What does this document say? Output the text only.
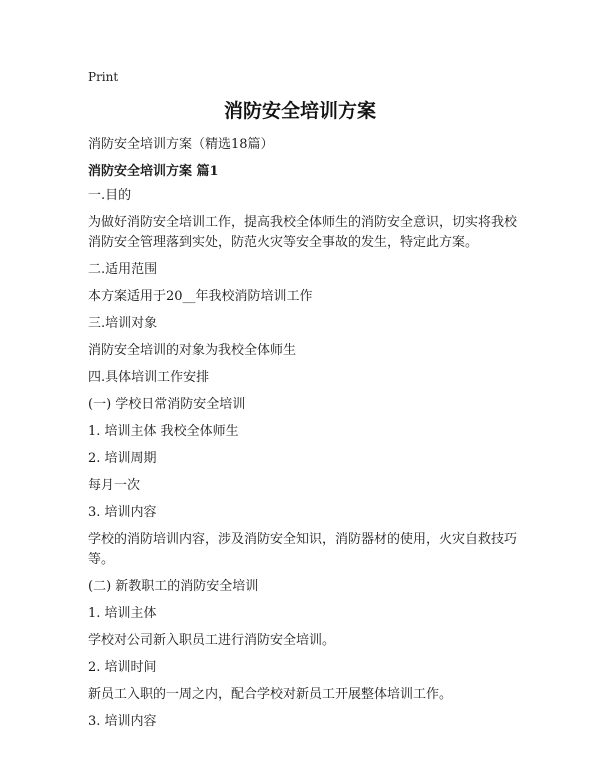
Print
消防安全培训方案
消防安全培训方案（精选18篇）
消防安全培训方案 篇1

一.目的

为做好消防安全培训工作，提高我校全体师生的消防安全意识，切实将我校消防安全管理落到实处，防范火灾等安全事故的发生，特定此方案。

二.适用范围

本方案适用于20__年我校消防培训工作

三.培训对象

消防安全培训的对象为我校全体师生

四.具体培训工作安排

(一) 学校日常消防安全培训

1. 培训主体 我校全体师生

2. 培训周期

每月一次

3. 培训内容

学校的消防培训内容，涉及消防安全知识，消防器材的使用，火灾自救技巧等。

(二) 新教职工的消防安全培训

1. 培训主体

学校对公司新入职员工进行消防安全培训。

2. 培训时间

新员工入职的一周之内，配合学校对新员工开展整体培训工作。

3. 培训内容
